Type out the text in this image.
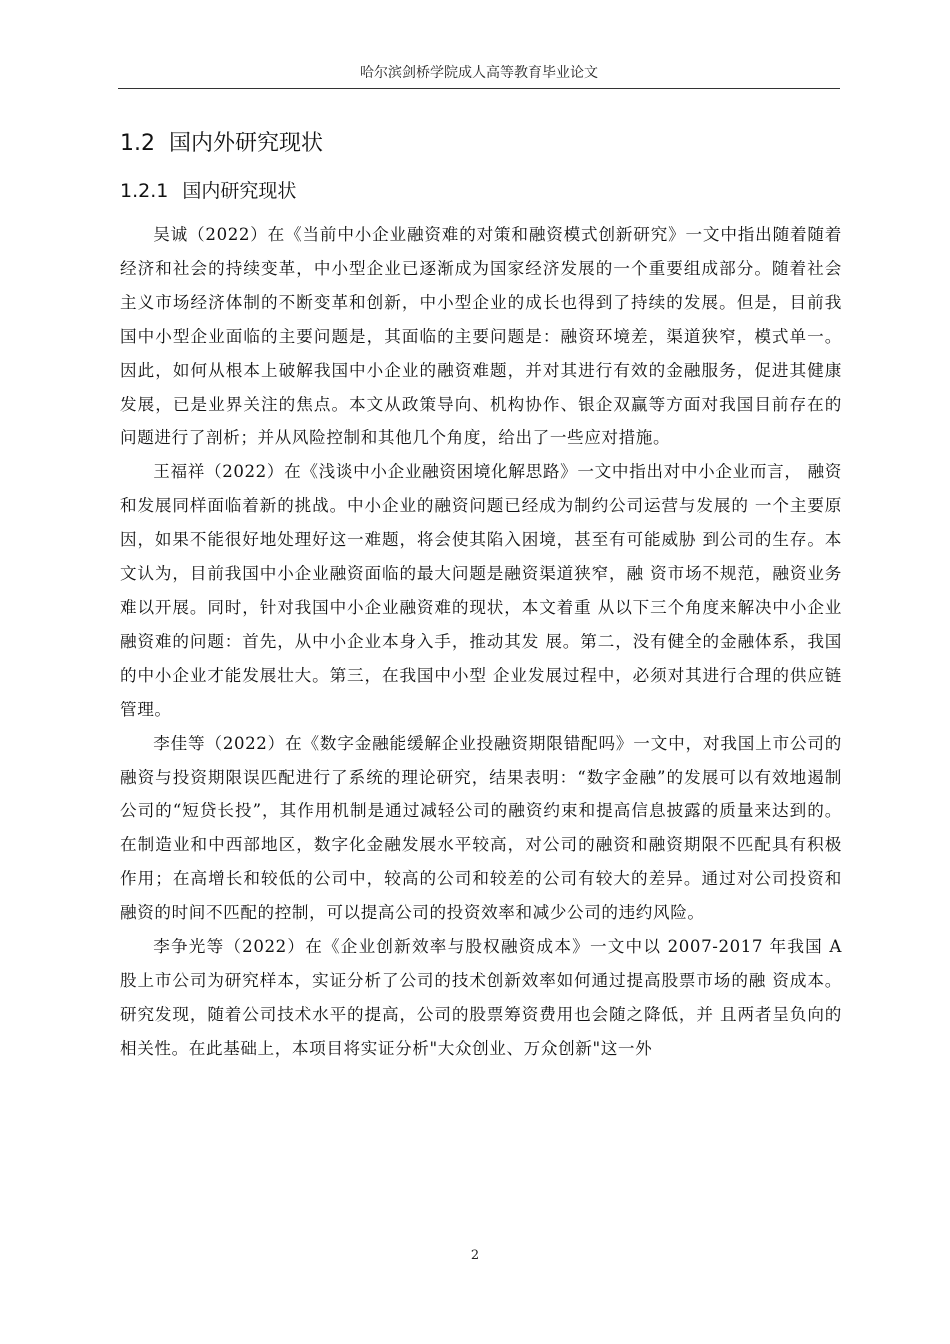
哈尔滨剑桥学院成人高等教育毕业论文
1.2 国内外研究现状
1.2.1 国内研究现状

吴诚（2022）在《当前中小企业融资难的对策和融资模式创新研究》一文中指出随着随着经济和社会的持续变革，中小型企业已逐渐成为国家经济发展的一个重要组成部分。随着社会主义市场经济体制的不断变革和创新，中小型企业的成长也得到了持续的发展。但是，目前我国中小型企业面临的主要问题是，其面临的主要问题是：融资环境差，渠道狭窄，模式单一。因此，如何从根本上破解我国中小企业的融资难题，并对其进行有效的金融服务，促进其健康发展，已是业界关注的焦点。本文从政策导向、机构协作、银企双赢等方面对我国目前存在的问题进行了剖析；并从风险控制和其他几个角度，给出了一些应对措施。

王福祥（2022）在《浅谈中小企业融资困境化解思路》一文中指出对中小企业而言， 融资和发展同样面临着新的挑战。中小企业的融资问题已经成为制约公司运营与发展的 一个主要原因，如果不能很好地处理好这一难题，将会使其陷入困境，甚至有可能威胁 到公司的生存。本文认为，目前我国中小企业融资面临的最大问题是融资渠道狭窄，融 资市场不规范，融资业务难以开展。同时，针对我国中小企业融资难的现状，本文着重 从以下三个角度来解决中小企业融资难的问题：首先，从中小企业本身入手，推动其发 展。第二，没有健全的金融体系，我国的中小企业才能发展壮大。第三，在我国中小型 企业发展过程中，必须对其进行合理的供应链管理。

李佳等（2022）在《数字金融能缓解企业投融资期限错配吗》一文中，对我国上市公司的融资与投资期限误匹配进行了系统的理论研究，结果表明：“数字金融”的发展可以有效地遏制公司的“短贷长投”，其作用机制是通过减轻公司的融资约束和提高信息披露的质量来达到的。在制造业和中西部地区，数字化金融发展水平较高，对公司的融资和融资期限不匹配具有积极作用；在高增长和较低的公司中，较高的公司和较差的公司有较大的差异。通过对公司投资和融资的时间不匹配的控制，可以提高公司的投资效率和减少公司的违约风险。

李争光等（2022）在《企业创新效率与股权融资成本》一文中以 2007-2017 年我国 A 股上市公司为研究样本，实证分析了公司的技术创新效率如何通过提高股票市场的融 资成本。研究发现，随着公司技术水平的提高，公司的股票筹资费用也会随之降低，并 且两者呈负向的相关性。在此基础上，本项目将实证分析"大众创业、万众创新"这一外

2
